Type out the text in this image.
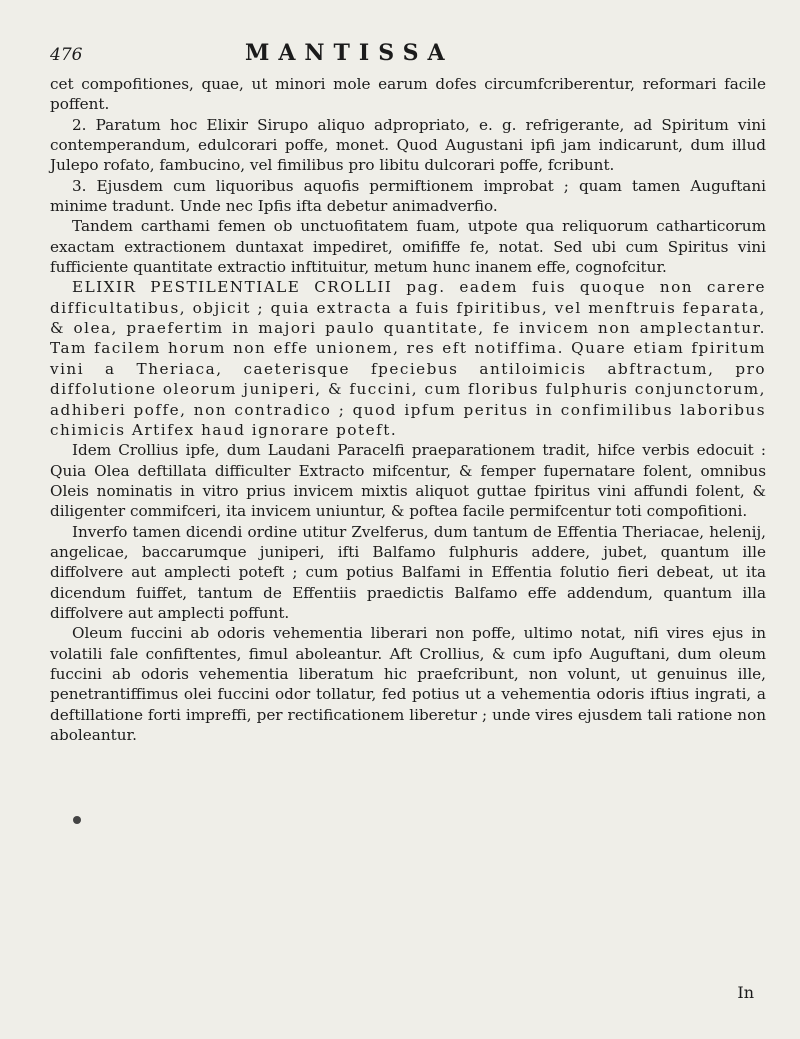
476	MANTISSA

cet compofitiones, quae, ut minori mole earum dofes circumfcriberentur, reformari facile poffent.

2. Paratum hoc Elixir Sirupo aliquo adpropriato, e. g. refrigerante, ad Spiritum vini contemperandum, edulcorari poffe, monet. Quod Augustani ipfi jam indicarunt, dum illud Julepo rofato, fambucino, vel fimilibus pro libitu dulcorari poffe, fcribunt.

3. Ejusdem cum liquoribus aquofis permiftionem improbat ; quam tamen Auguftani minime tradunt. Unde nec Ipfis ifta debetur animadverfio.

Tandem carthami femen ob unctuofitatem fuam, utpote qua reliquorum catharticorum exactam extractionem duntaxat impediret, omififfe fe, notat. Sed ubi cum Spiritus vini fufficiente quantitate extractio inftituitur, metum hunc inanem effe, cognofcitur.

ELIXIR PESTILENTIALE CROLLII pag. eadem fuis quoque non carere difficultatibus, objicit ; quia extracta a fuis fpiritibus, vel menftruis feparata, & olea, praefertim in majori paulo quantitate, fe invicem non amplectantur. Tam facilem horum non effe unionem, res eft notiffima. Quare etiam fpiritum vini a Theriaca, caeterisque fpeciebus antiloimicis abftractum, pro diffolutione oleorum juniperi, & fuccini, cum floribus fulphuris conjunctorum, adhiberi poffe, non contradico ; quod ipfum peritus in confimilibus laboribus chimicis Artifex haud ignorare poteft.

Idem Crollius ipfe, dum Laudani Paracelfi praeparationem tradit, hifce verbis edocuit : Quia Olea deftillata difficulter Extracto mifcentur, & femper fupernatare folent, omnibus Oleis nominatis in vitro prius invicem mixtis aliquot guttae fpiritus vini affundi folent, & diligenter commifceri, ita invicem uniuntur, & poftea facile permifcentur toti compofitioni.

Inverfo tamen dicendi ordine utitur Zvelferus, dum tantum de Effentia Theriacae, helenij, angelicae, baccarumque juniperi, ifti Balfamo fulphuris addere, jubet, quantum ille diffolvere aut amplecti poteft ; cum potius Balfami in Effentia folutio fieri debeat, ut ita dicendum fuiffet, tantum de Effentiis praedictis Balfamo effe addendum, quantum illa diffolvere aut amplecti poffunt.

Oleum fuccini ab odoris vehementia liberari non poffe, ultimo notat, nifi vires ejus in volatili fale confiftentes, fimul aboleantur. Aft Crollius, & cum ipfo Auguftani, dum oleum fuccini ab odoris vehementia liberatum hic praefcribunt, non volunt, ut genuinus ille, penetrantiffimus olei fuccini odor tollatur, fed potius ut a vehementia odoris iftius ingrati, a deftillatione forti impreffi, per rectificationem liberetur ; unde vires ejusdem tali ratione non aboleantur.

In
